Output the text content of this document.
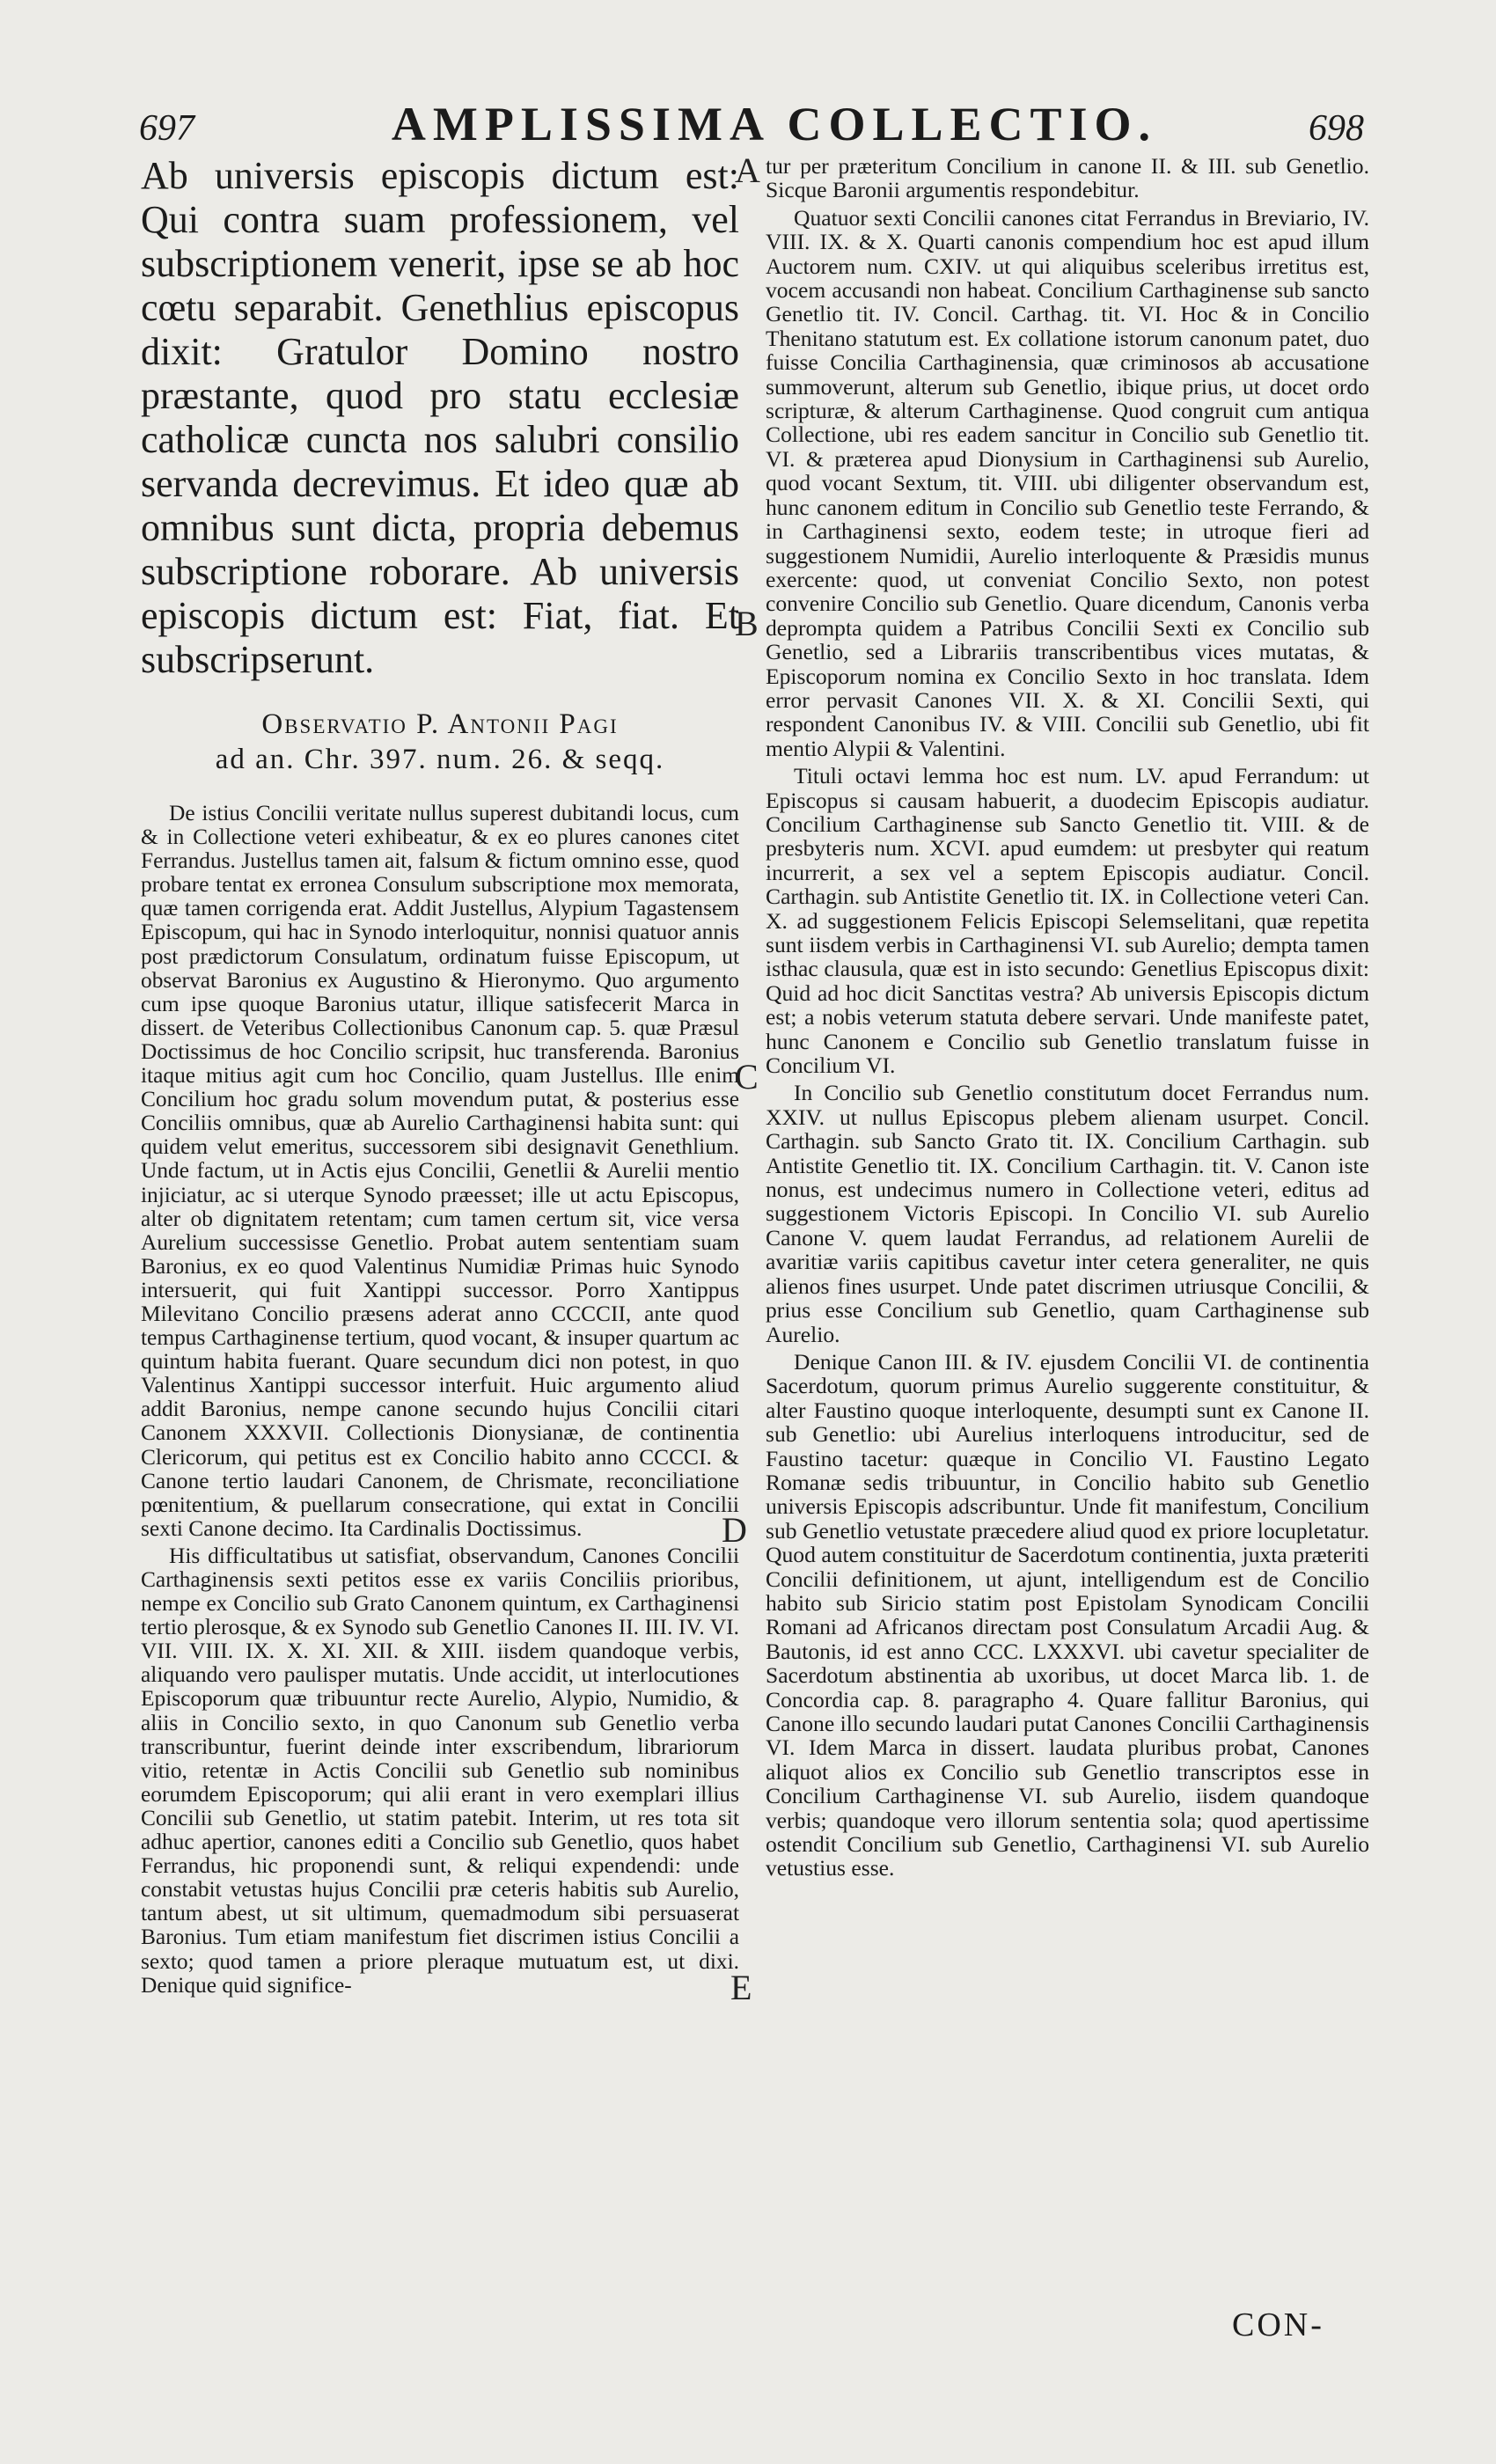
697	AMPLISSIMA COLLECTIO.	698

Ab universis episcopis dictum est: Qui contra suam professionem, vel subscriptionem venerit, ipse se ab hoc cœtu separabit. Genethlius episcopus dixit: Gratulor Domino nostro præstante, quod pro statu ecclesiæ catholicæ cuncta nos salubri consilio servanda decrevimus. Et ideo quæ ab omnibus sunt dicta, propria debemus subscriptione roborare. Ab universis episcopis dictum est: Fiat, fiat. Et subscripserunt.

Observatio P. Antonii Pagi
ad an. Chr. 397. num. 26. & seqq.

De istius Concilii veritate nullus superest dubitandi locus, cum & in Collectione veteri exhibeatur, & ex eo plures canones citet Ferrandus. Justellus tamen ait, falsum & fictum omnino esse, quod probare tentat ex erronea Consulum subscriptione mox memorata, quæ tamen corrigenda erat. Addit Justellus, Alypium Tagastensem Episcopum, qui hac in Synodo interloquitur, nonnisi quatuor annis post prædictorum Consulatum, ordinatum fuisse Episcopum, ut observat Baronius ex Augustino & Hieronymo. Quo argumento cum ipse quoque Baronius utatur, illique satisfecerit Marca in dissert. de Veteribus Collectionibus Canonum cap. 5. quæ Præsul Doctissimus de hoc Concilio scripsit, huc transferenda. Baronius itaque mitius agit cum hoc Concilio, quam Justellus. Ille enim Concilium hoc gradu solum movendum putat, & posterius esse Conciliis omnibus, quæ ab Aurelio Carthaginensi habita sunt: qui quidem velut emeritus, successorem sibi designavit Genethlium. Unde factum, ut in Actis ejus Concilii, Genetlii & Aurelii mentio injiciatur, ac si uterque Synodo præesset; ille ut actu Episcopus, alter ob dignitatem retentam; cum tamen certum sit, vice versa Aurelium successisse Genetlio. Probat autem sententiam suam Baronius, ex eo quod Valentinus Numidiæ Primas huic Synodo intersuerit, qui fuit Xantippi successor. Porro Xantippus Milevitano Concilio præsens aderat anno CCCCII, ante quod tempus Carthaginense tertium, quod vocant, & insuper quartum ac quintum habita fuerant. Quare secundum dici non potest, in quo Valentinus Xantippi successor interfuit. Huic argumento aliud addit Baronius, nempe canone secundo hujus Concilii citari Canonem XXXVII. Collectionis Dionysianæ, de continentia Clericorum, qui petitus est ex Concilio habito anno CCCCI. & Canone tertio laudari Canonem, de Chrismate, reconciliatione pœnitentium, & puellarum consecratione, qui extat in Concilii sexti Canone decimo. Ita Cardinalis Doctissimus.

His difficultatibus ut satisfiat, observandum, Canones Concilii Carthaginensis sexti petitos esse ex variis Conciliis prioribus, nempe ex Concilio sub Grato Canonem quintum, ex Carthaginensi tertio plerosque, & ex Synodo sub Genetlio Canones II. III. IV. VI. VII. VIII. IX. X. XI. XII. & XIII. iisdem quandoque verbis, aliquando vero paulisper mutatis. Unde accidit, ut interlocutiones Episcoporum quæ tribuuntur recte Aurelio, Alypio, Numidio, & aliis in Concilio sexto, in quo Canonum sub Genetlio verba transcribuntur, fuerint deinde inter exscribendum, librariorum vitio, retentæ in Actis Concilii sub Genetlio sub nominibus eorumdem Episcoporum; qui alii erant in vero exemplari illius Concilii sub Genetlio, ut statim patebit. Interim, ut res tota sit adhuc apertior, canones editi a Concilio sub Genetlio, quos habet Ferrandus, hic proponendi sunt, & reliqui expendendi: unde constabit vetustas hujus Concilii præ ceteris habitis sub Aurelio, tantum abest, ut sit ultimum, quemadmodum sibi persuaserat Baronius. Tum etiam manifestum fiet discrimen istius Concilii a sexto; quod tamen a priore pleraque mutuatum est, ut dixi. Denique quid significe-

tur per præteritum Concilium in canone II. & III. sub Genetlio. Sicque Baronii argumentis respondebitur.

Quatuor sexti Concilii canones citat Ferrandus in Breviario, IV. VIII. IX. & X. Quarti canonis compendium hoc est apud illum Auctorem num. CXIV. ut qui aliquibus sceleribus irretitus est, vocem accusandi non habeat. Concilium Carthaginense sub sancto Genetlio tit. IV. Concil. Carthag. tit. VI. Hoc & in Concilio Thenitano statutum est. Ex collatione istorum canonum patet, duo fuisse Concilia Carthaginensia, quæ criminosos ab accusatione summoverunt, alterum sub Genetlio, ibique prius, ut docet ordo scripturæ, & alterum Carthaginense. Quod congruit cum antiqua Collectione, ubi res eadem sancitur in Concilio sub Genetlio tit. VI. & præterea apud Dionysium in Carthaginensi sub Aurelio, quod vocant Sextum, tit. VIII. ubi diligenter observandum est, hunc canonem editum in Concilio sub Genetlio teste Ferrando, & in Carthaginensi sexto, eodem teste; in utroque fieri ad suggestionem Numidii, Aurelio interloquente & Præsidis munus exercente: quod, ut conveniat Concilio Sexto, non potest convenire Concilio sub Genetlio. Quare dicendum, Canonis verba deprompta quidem a Patribus Concilii Sexti ex Concilio sub Genetlio, sed a Librariis transcribentibus vices mutatas, & Episcoporum nomina ex Concilio Sexto in hoc translata. Idem error pervasit Canones VII. X. & XI. Concilii Sexti, qui respondent Canonibus IV. & VIII. Concilii sub Genetlio, ubi fit mentio Alypii & Valentini.

Tituli octavi lemma hoc est num. LV. apud Ferrandum: ut Episcopus si causam habuerit, a duodecim Episcopis audiatur. Concilium Carthaginense sub Sancto Genetlio tit. VIII. & de presbyteris num. XCVI. apud eumdem: ut presbyter qui reatum incurrerit, a sex vel a septem Episcopis audiatur. Concil. Carthagin. sub Antistite Genetlio tit. IX. in Collectione veteri Can. X. ad suggestionem Felicis Episcopi Selemselitani, quæ repetita sunt iisdem verbis in Carthaginensi VI. sub Aurelio; dempta tamen isthac clausula, quæ est in isto secundo: Genetlius Episcopus dixit: Quid ad hoc dicit Sanctitas vestra? Ab universis Episcopis dictum est; a nobis veterum statuta debere servari. Unde manifeste patet, hunc Canonem e Concilio sub Genetlio translatum fuisse in Concilium VI.

In Concilio sub Genetlio constitutum docet Ferrandus num. XXIV. ut nullus Episcopus plebem alienam usurpet. Concil. Carthagin. sub Sancto Grato tit. IX. Concilium Carthagin. sub Antistite Genetlio tit. IX. Concilium Carthagin. tit. V. Canon iste nonus, est undecimus numero in Collectione veteri, editus ad suggestionem Victoris Episcopi. In Concilio VI. sub Aurelio Canone V. quem laudat Ferrandus, ad relationem Aurelii de avaritiæ variis capitibus cavetur inter cetera generaliter, ne quis alienos fines usurpet. Unde patet discrimen utriusque Concilii, & prius esse Concilium sub Genetlio, quam Carthaginense sub Aurelio.

Denique Canon III. & IV. ejusdem Concilii VI. de continentia Sacerdotum, quorum primus Aurelio suggerente constituitur, & alter Faustino quoque interloquente, desumpti sunt ex Canone II. sub Genetlio: ubi Aurelius interloquens introducitur, sed de Faustino tacetur: quæque in Concilio VI. Faustino Legato Romanæ sedis tribuuntur, in Concilio habito sub Genetlio universis Episcopis adscribuntur. Unde fit manifestum, Concilium sub Genetlio vetustate præcedere aliud quod ex priore locupletatur. Quod autem constituitur de Sacerdotum continentia, juxta præteriti Concilii definitionem, ut ajunt, intelligendum est de Concilio habito sub Siricio statim post Epistolam Synodicam Concilii Romani ad Africanos directam post Consulatum Arcadii Aug. & Bautonis, id est anno CCC. LXXXVI. ubi cavetur specialiter de Sacerdotum abstinentia ab uxoribus, ut docet Marca lib. 1. de Concordia cap. 8. paragrapho 4. Quare fallitur Baronius, qui Canone illo secundo laudari putat Canones Concilii Carthaginensis VI. Idem Marca in dissert. laudata pluribus probat, Canones aliquot alios ex Concilio sub Genetlio transcriptos esse in Concilium Carthaginense VI. sub Aurelio, iisdem quandoque verbis; quandoque vero illorum sententia sola; quod apertissime ostendit Concilium sub Genetlio, Carthaginensi VI. sub Aurelio vetustius esse.

A
B
C
D
E
CON-
